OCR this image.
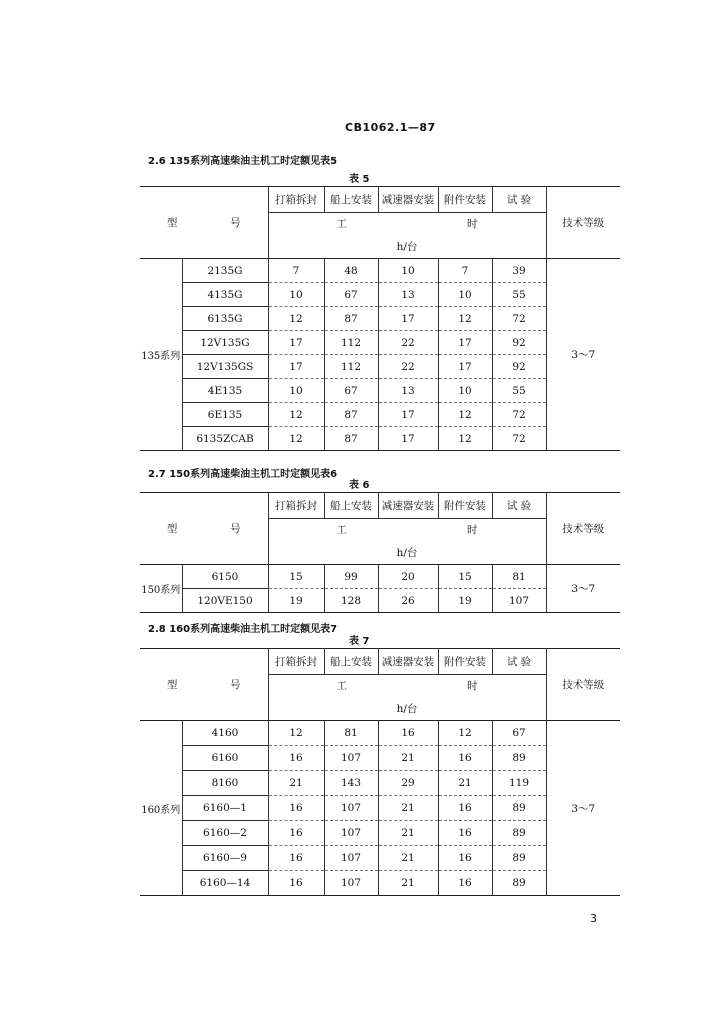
CB1062.1—87
2.6 135系列高速柴油主机工时定额见表5
表 5
型 号		打箱拆封	船上安装	减速器安装	附件安装	试 验	技术等级
		工 时					
		h/台					
135系列	2135G	7	48	10	7	39	3～7
	4135G	10	67	13	10	55	
	6135G	12	87	17	12	72	
	12V135G	17	112	22	17	92	
	12V135GS	17	112	22	17	92	
	4E135	10	67	13	10	55	
	6E135	12	87	17	12	72	
	6135ZCAB	12	87	17	12	72	
2.7 150系列高速柴油主机工时定额见表6
表 6
型 号		打箱拆封	船上安装	减速器安装	附件安装	试 验	技术等级
		工 时					
		h/台					
150系列	6150	15	99	20	15	81	3～7
	120VE150	19	128	26	19	107	
2.8 160系列高速柴油主机工时定额见表7
表 7
型 号		打箱拆封	船上安装	减速器安装	附件安装	试 验	技术等级
		工 时					
		h/台					
160系列	4160	12	81	16	12	67	3～7
	6160	16	107	21	16	89	
	8160	21	143	29	21	119	
	6160—1	16	107	21	16	89	
	6160—2	16	107	21	16	89	
	6160—9	16	107	21	16	89	
	6160—14	16	107	21	16	89	
3
